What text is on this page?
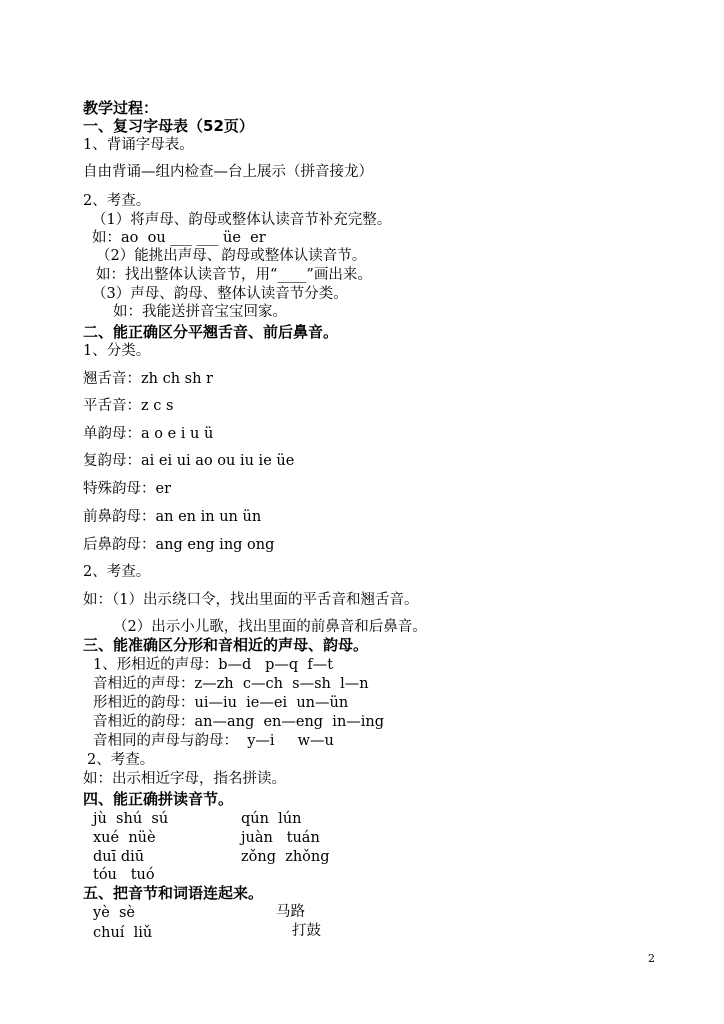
教学过程：
一、复习字母表（52页）
1、背诵字母表。
自由背诵—组内检查—台上展示（拼音接龙）
2、考查。
（1）将声母、韵母或整体认读音节补充完整。
如：ao  ou ___ ___ üe  er
（2）能挑出声母、韵母或整体认读音节。
如：找出整体认读音节，用“____”画出来。
（3）声母、韵母、整体认读音节分类。
如：我能送拼音宝宝回家。
二、能正确区分平翘舌音、前后鼻音。
1、分类。
翘舌音：zh ch sh r
平舌音：z c s
单韵母：a o e i u ü
复韵母：ai ei ui ao ou iu ie üe
特殊韵母：er
前鼻韵母：an en in un ün
后鼻韵母：ang eng ing ong
2、考查。
如：（1）出示绕口令，找出里面的平舌音和翘舌音。
（2）出示小儿歌，找出里面的前鼻音和后鼻音。
三、能准确区分形和音相近的声母、韵母。
1、形相近的声母：b—d   p—q  f—t
音相近的声母：z—zh  c—ch  s—sh  l—n
形相近的韵母：ui—iu  ie—ei  un—ün
音相近的韵母：an—ang  en—eng  in—ing
音相同的声母与韵母：  y—i     w—u
2、考查。
如：出示相近字母，指名拼读。
四、能正确拼读音节。
jù  shú  sú	qún  lún
xué  nüè	juàn   tuán
duī diū	zǒng  zhǒng
tóu   tuó
五、把音节和词语连起来。
yè  sè	马路
chuí  liǔ	打鼓
2
